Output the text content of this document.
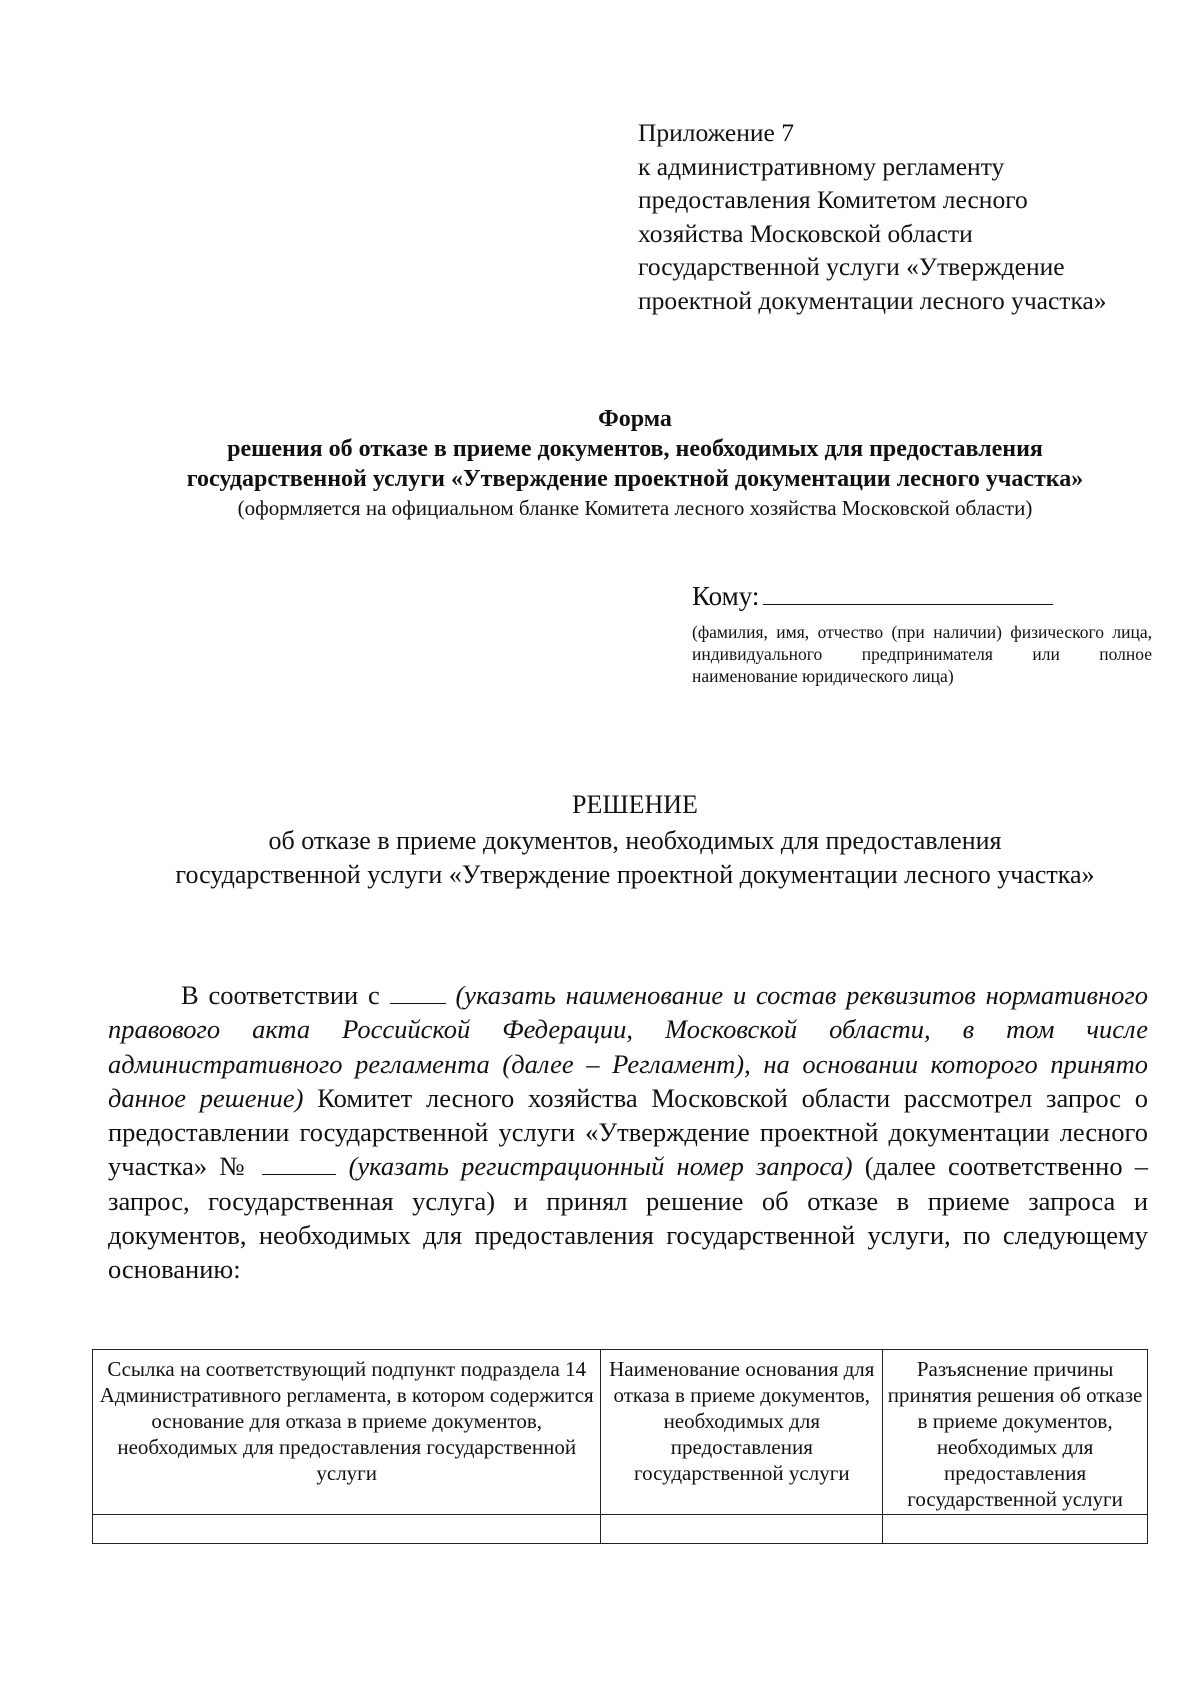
Приложение 7
к административному регламенту
предоставления Комитетом лесного
хозяйства Московской области
государственной услуги «Утверждение
проектной документации лесного участка»
Форма
решения об отказе в приеме документов, необходимых для предоставления
государственной услуги «Утверждение проектной документации лесного участка»
(оформляется на официальном бланке Комитета лесного хозяйства Московской области)
Кому:
(фамилия, имя, отчество (при наличии) физического лица, индивидуального предпринимателя или полное наименование юридического лица)
РЕШЕНИЕ
об отказе в приеме документов, необходимых для предоставления
государственной услуги «Утверждение проектной документации лесного участка»
В соответствии с	(указать наименование и состав реквизитов нормативного правового акта Российской Федерации, Московской области, в том числе административного регламента (далее – Регламент), на основании которого принято данное решение) Комитет лесного хозяйства Московской области рассмотрел запрос о предоставлении государственной услуги «Утверждение проектной документации лесного участка» №	(указать регистрационный номер запроса) (далее соответственно – запрос, государственная услуга) и принял решение об отказе в приеме запроса и документов, необходимых для предоставления государственной услуги, по следующему основанию:
Ссылка на соответствующий подпункт подраздела 14 Административного регламента, в котором содержится основание для отказа в приеме документов, необходимых для предоставления государственной услуги	Наименование основания для отказа в приеме документов, необходимых для предоставления государственной услуги	Разъяснение причины принятия решения об отказе в приеме документов, необходимых для предоставления государственной услуги
